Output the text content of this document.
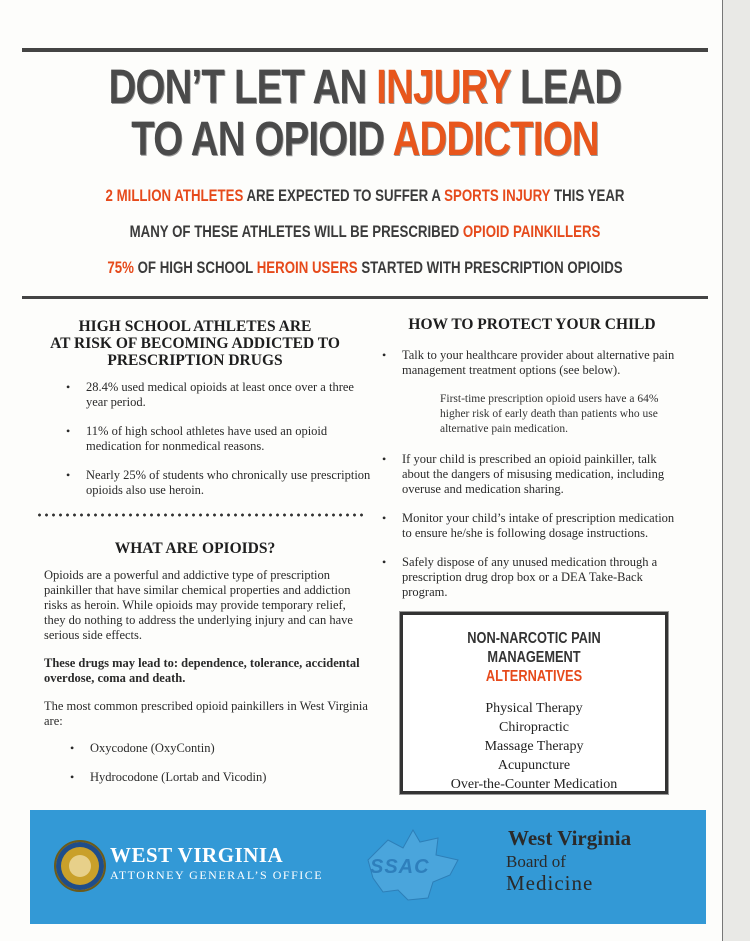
DON’T LET AN INJURY LEAD
TO AN OPIOID ADDICTION
2 MILLION ATHLETES ARE EXPECTED TO SUFFER A SPORTS INJURY THIS YEAR
MANY OF THESE ATHLETES WILL BE PRESCRIBED OPIOID PAINKILLERS
75% OF HIGH SCHOOL HEROIN USERS STARTED WITH PRESCRIPTION OPIOIDS
HIGH SCHOOL ATHLETES ARE
AT RISK OF BECOMING ADDICTED TO
PRESCRIPTION DRUGS
• 28.4% used medical opioids at least once over a three year period.
• 11% of high school athletes have used an opioid medication for nonmedical reasons.
• Nearly 25% of students who chronically use prescription opioids also use heroin.
WHAT ARE OPIOIDS?
Opioids are a powerful and addictive type of prescription painkiller that have similar chemical properties and addiction risks as heroin. While opioids may provide temporary relief, they do nothing to address the underlying injury and can have serious side effects.
These drugs may lead to: dependence, tolerance, accidental overdose, coma and death.
The most common prescribed opioid painkillers in West Virginia are:
• Oxycodone (OxyContin)
• Hydrocodone (Lortab and Vicodin)
HOW TO PROTECT YOUR CHILD
• Talk to your healthcare provider about alternative pain management treatment options (see below).
First-time prescription opioid users have a 64% higher risk of early death than patients who use alternative pain medication.
• If your child is prescribed an opioid painkiller, talk about the dangers of misusing medication, including overuse and medication sharing.
• Monitor your child’s intake of prescription medication to ensure he/she is following dosage instructions.
• Safely dispose of any unused medication through a prescription drug drop box or a DEA Take-Back program.
NON-NARCOTIC PAIN MANAGEMENT
ALTERNATIVES
Physical Therapy
Chiropractic
Massage Therapy
Acupuncture
Over-the-Counter Medication
WEST VIRGINIA
ATTORNEY GENERAL’S OFFICE SSAC
West Virginia
Board of
Medicine
